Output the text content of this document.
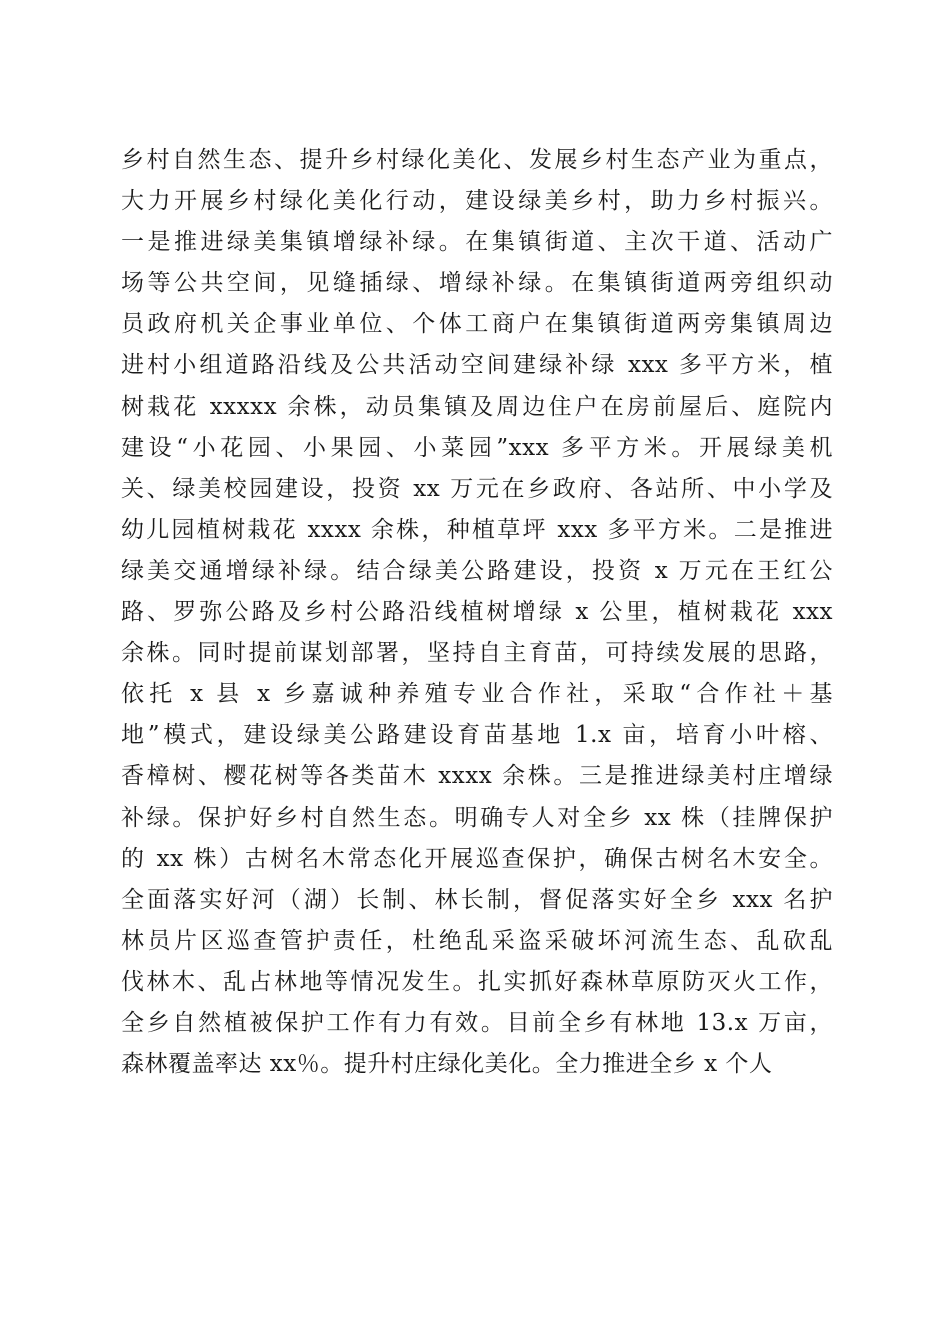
乡村自然生态、提升乡村绿化美化、发展乡村生态产业为重点，
大力开展乡村绿化美化行动，建设绿美乡村，助力乡村振兴。
一是推进绿美集镇增绿补绿。在集镇街道、主次干道、活动广
场等公共空间，见缝插绿、增绿补绿。在集镇街道两旁组织动
员政府机关企事业单位、个体工商户在集镇街道两旁集镇周边
进村小组道路沿线及公共活动空间建绿补绿 xxx 多平方米，植
树栽花 xxxxx 余株，动员集镇及周边住户在房前屋后、庭院内
建设“小花园、小果园、小菜园”xxx 多平方米。开展绿美机
关、绿美校园建设，投资 xx 万元在乡政府、各站所、中小学及
幼儿园植树栽花 xxxx 余株，种植草坪 xxx 多平方米。二是推进
绿美交通增绿补绿。结合绿美公路建设，投资 x 万元在王红公
路、罗弥公路及乡村公路沿线植树增绿 x 公里，植树栽花 xxx
余株。同时提前谋划部署，坚持自主育苗，可持续发展的思路，
依托 x 县 x 乡嘉诚种养殖专业合作社，采取“合作社＋基
地”模式，建设绿美公路建设育苗基地 1.x 亩，培育小叶榕、
香樟树、樱花树等各类苗木 xxxx 余株。三是推进绿美村庄增绿
补绿。保护好乡村自然生态。明确专人对全乡 xx 株（挂牌保护
的 xx 株）古树名木常态化开展巡查保护，确保古树名木安全。
全面落实好河（湖）长制、林长制，督促落实好全乡 xxx 名护
林员片区巡查管护责任，杜绝乱采盗采破坏河流生态、乱砍乱
伐林木、乱占林地等情况发生。扎实抓好森林草原防灭火工作，
全乡自然植被保护工作有力有效。目前全乡有林地 13.x 万亩，
森林覆盖率达 xx％。提升村庄绿化美化。全力推进全乡 x 个人
